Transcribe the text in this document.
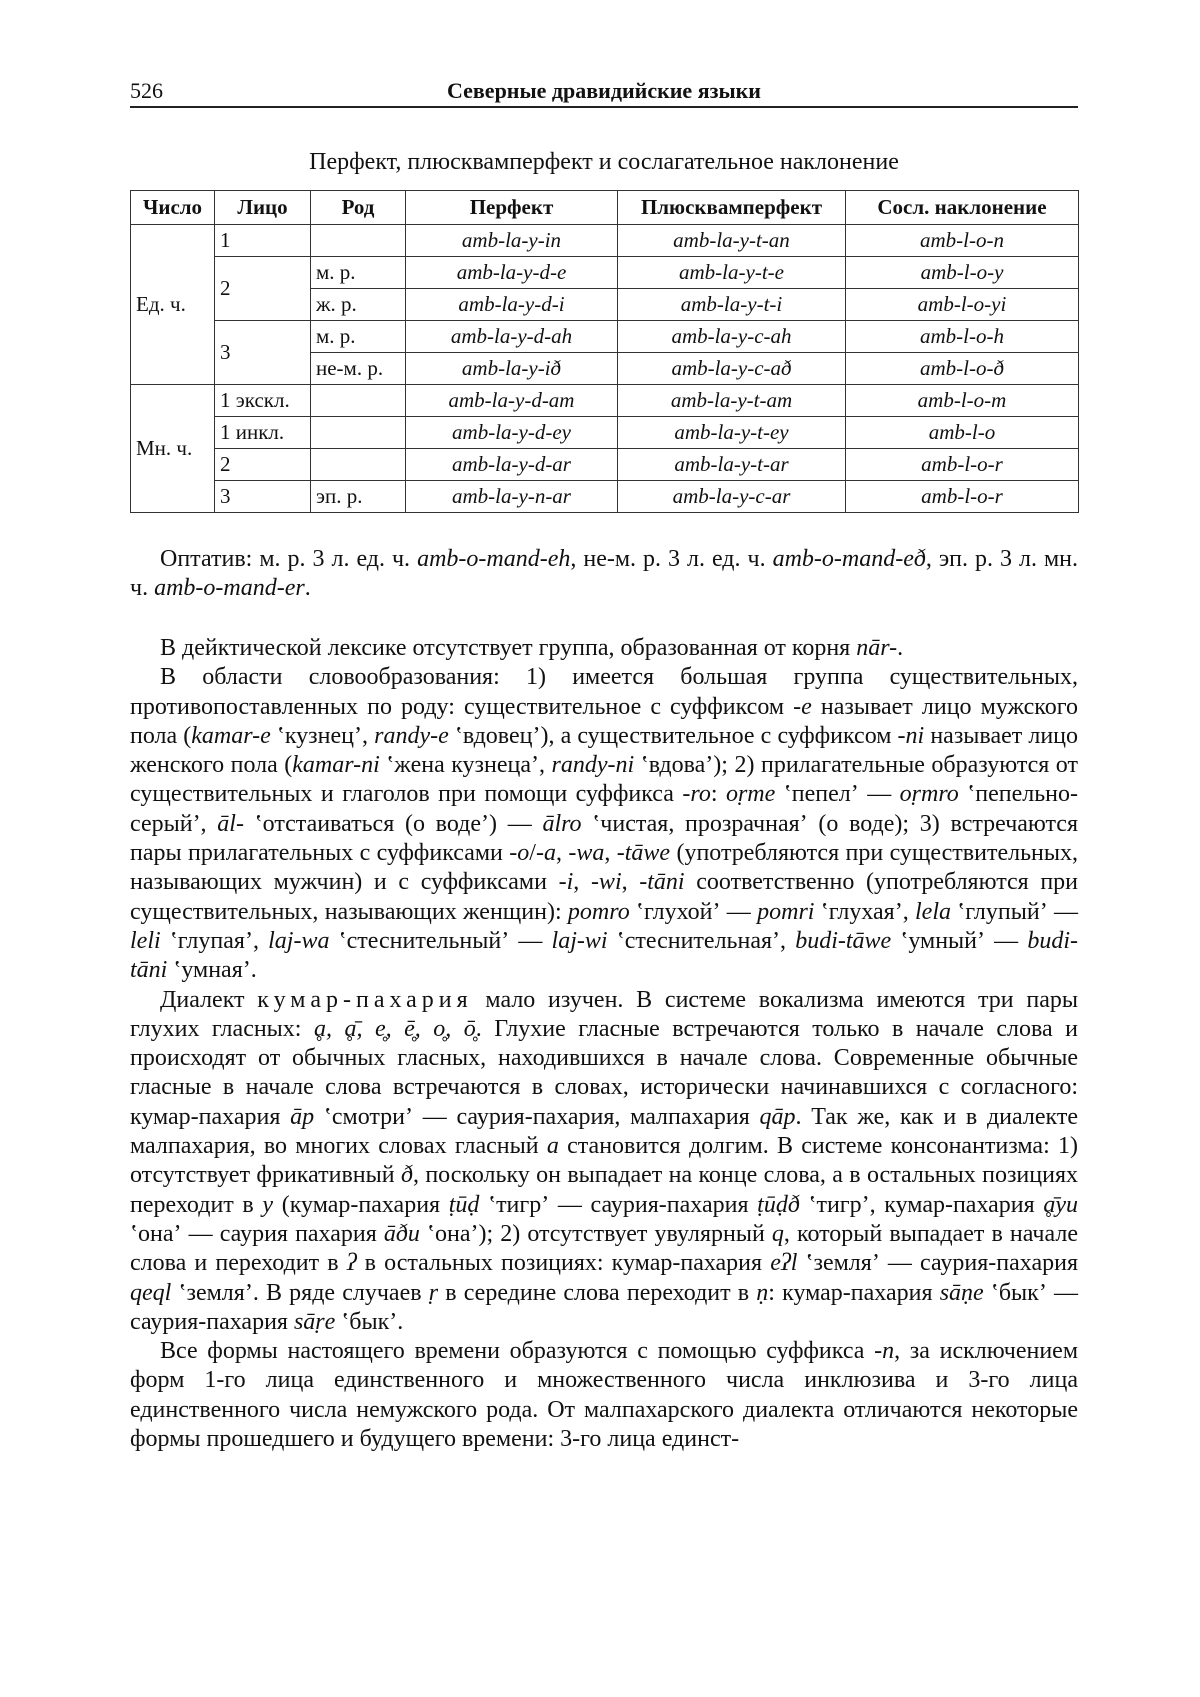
526	Северные дравидийские языки
Перфект, плюсквамперфект и сослагательное наклонение
Число	Лицо	Род	Перфект	Плюсквамперфект	Сосл. наклонение
Ед. ч.	1		amb-la-y-in	amb-la-y-t-an	amb-l-o-n
	2	м. р.	amb-la-y-d-e	amb-la-y-t-e	amb-l-o-y
		ж. р.	amb-la-y-d-i	amb-la-y-t-i	amb-l-o-yi
	3	м. р.	amb-la-y-d-ah	amb-la-y-c-ah	amb-l-o-h
		не-м. р.	amb-la-y-ið	amb-la-y-c-að	amb-l-o-ð
Мн. ч.	1 экскл.		amb-la-y-d-am	amb-la-y-t-am	amb-l-o-m
	1 инкл.		amb-la-y-d-ey	amb-la-y-t-ey	amb-l-o
	2		amb-la-y-d-ar	amb-la-y-t-ar	amb-l-o-r
	3	эп. р.	amb-la-y-n-ar	amb-la-y-c-ar	amb-l-o-r

Оптатив: м. р. 3 л. ед. ч. amb-o-mand-eh, не-м. р. 3 л. ед. ч. amb-o-mand-eð, эп. р. 3 л. мн. ч. amb-o-mand-er.

В дейктической лексике отсутствует группа, образованная от корня nār-.

В области словообразования: 1) имеется большая группа существительных, противопоставленных по роду: существительное с суффиксом -e называет лицо мужского пола (kamar-e ʽкузнецʼ, randy-e ʽвдовецʼ), а существительное с суффиксом -ni называет лицо женского пола (kamar-ni ʽжена кузнецаʼ, randy-ni ʽвдоваʼ); 2) прилагательные образуются от существительных и глаголов при помощи суффикса -ro: oṛme ʽпепелʼ — oṛmro ʽпепельно-серыйʼ, āl- ʽотстаиваться (о водеʼ) — ālro ʽчистая, прозрачнаяʼ (о воде); 3) встречаются пары прилагательных с суффиксами -o/-a, -wa, -tāwe (употребляются при существительных, называющих мужчин) и с суффиксами -i, -wi, -tāni соответственно (употребляются при существительных, называющих женщин): pomro ʽглухойʼ — pomri ʽглухаяʼ, lela ʽглупыйʼ — leli ʽглупаяʼ, laj-wa ʽстеснительныйʼ — laj-wi ʽстеснительнаяʼ, budi-tāwe ʽумныйʼ — budi-tāni ʽумнаяʼ.

Диалект кумар-пахария мало изучен. В системе вокализма имеются три пары глухих гласных: ḁ, ḁ̄, e̥, ē̥, o̥, ō̥. Глухие гласные встречаются только в начале слова и происходят от обычных гласных, находившихся в начале слова. Современные обычные гласные в начале слова встречаются в словах, исторически начинавшихся с согласного: кумар-пахария āp ʽсмотриʼ — саурия-пахария, малпахария qāp. Так же, как и в диалекте малпахария, во многих словах гласный a становится долгим. В системе консонантизма: 1) отсутствует фрикативный ð, поскольку он выпадает на конце слова, а в остальных позициях переходит в y (кумар-пахария ṭūḍ ʽтигрʼ — саурия-пахария ṭūḍð ʽтигрʼ, кумар-пахария ḁ̄yu ʽонаʼ — саурия пахария āðu ʽонаʼ); 2) отсутствует увулярный q, который выпадает в начале слова и переходит в ʔ в остальных позициях: кумар-пахария eʔl ʽземляʼ — саурия-пахария qeql ʽземляʼ. В ряде случаев ṛ в середине слова переходит в ṇ: кумар-пахария sāṇe ʽбыкʼ — саурия-пахария sāṛe ʽбыкʼ.

Все формы настоящего времени образуются с помощью суффикса -n, за исключением форм 1-го лица единственного и множественного числа инклюзива и 3-го лица единственного числа немужского рода. От малпахарского диалекта отличаются некоторые формы прошедшего и будущего времени: 3-го лица единст-
